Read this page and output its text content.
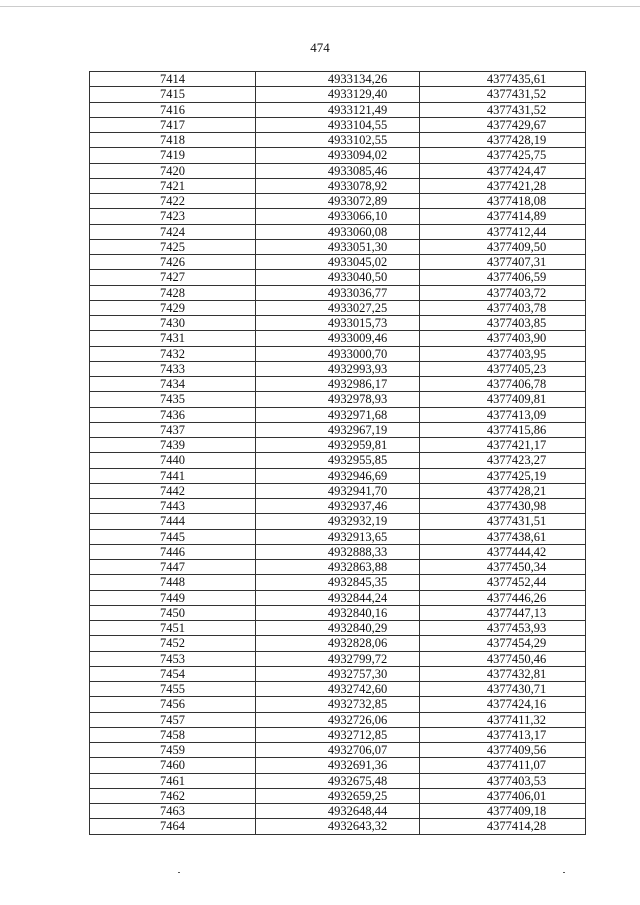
474
7414	4933134,26	4377435,61
7415	4933129,40	4377431,52
7416	4933121,49	4377431,52
7417	4933104,55	4377429,67
7418	4933102,55	4377428,19
7419	4933094,02	4377425,75
7420	4933085,46	4377424,47
7421	4933078,92	4377421,28
7422	4933072,89	4377418,08
7423	4933066,10	4377414,89
7424	4933060,08	4377412,44
7425	4933051,30	4377409,50
7426	4933045,02	4377407,31
7427	4933040,50	4377406,59
7428	4933036,77	4377403,72
7429	4933027,25	4377403,78
7430	4933015,73	4377403,85
7431	4933009,46	4377403,90
7432	4933000,70	4377403,95
7433	4932993,93	4377405,23
7434	4932986,17	4377406,78
7435	4932978,93	4377409,81
7436	4932971,68	4377413,09
7437	4932967,19	4377415,86
7439	4932959,81	4377421,17
7440	4932955,85	4377423,27
7441	4932946,69	4377425,19
7442	4932941,70	4377428,21
7443	4932937,46	4377430,98
7444	4932932,19	4377431,51
7445	4932913,65	4377438,61
7446	4932888,33	4377444,42
7447	4932863,88	4377450,34
7448	4932845,35	4377452,44
7449	4932844,24	4377446,26
7450	4932840,16	4377447,13
7451	4932840,29	4377453,93
7452	4932828,06	4377454,29
7453	4932799,72	4377450,46
7454	4932757,30	4377432,81
7455	4932742,60	4377430,71
7456	4932732,85	4377424,16
7457	4932726,06	4377411,32
7458	4932712,85	4377413,17
7459	4932706,07	4377409,56
7460	4932691,36	4377411,07
7461	4932675,48	4377403,53
7462	4932659,25	4377406,01
7463	4932648,44	4377409,18
7464	4932643,32	4377414,28
